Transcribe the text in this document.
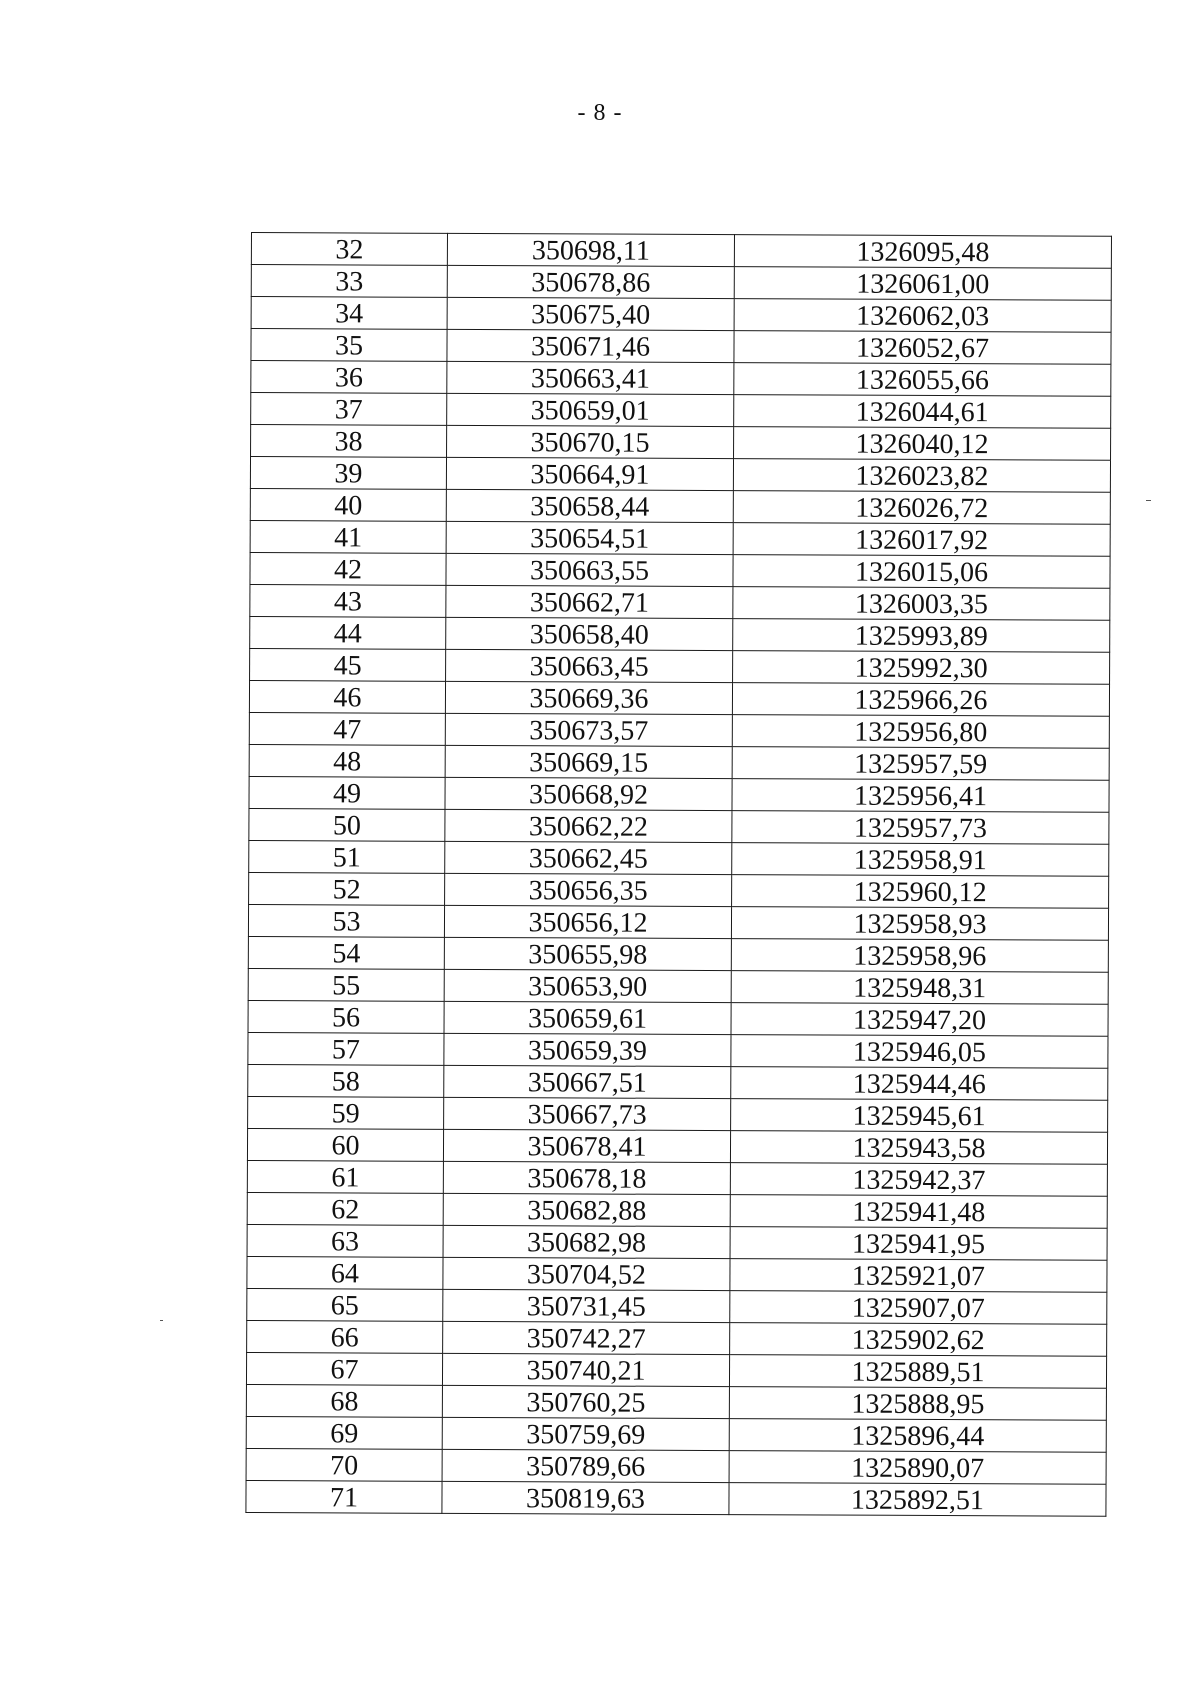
- 8 -
32	350698,11	1326095,48
33	350678,86	1326061,00
34	350675,40	1326062,03
35	350671,46	1326052,67
36	350663,41	1326055,66
37	350659,01	1326044,61
38	350670,15	1326040,12
39	350664,91	1326023,82
40	350658,44	1326026,72
41	350654,51	1326017,92
42	350663,55	1326015,06
43	350662,71	1326003,35
44	350658,40	1325993,89
45	350663,45	1325992,30
46	350669,36	1325966,26
47	350673,57	1325956,80
48	350669,15	1325957,59
49	350668,92	1325956,41
50	350662,22	1325957,73
51	350662,45	1325958,91
52	350656,35	1325960,12
53	350656,12	1325958,93
54	350655,98	1325958,96
55	350653,90	1325948,31
56	350659,61	1325947,20
57	350659,39	1325946,05
58	350667,51	1325944,46
59	350667,73	1325945,61
60	350678,41	1325943,58
61	350678,18	1325942,37
62	350682,88	1325941,48
63	350682,98	1325941,95
64	350704,52	1325921,07
65	350731,45	1325907,07
66	350742,27	1325902,62
67	350740,21	1325889,51
68	350760,25	1325888,95
69	350759,69	1325896,44
70	350789,66	1325890,07
71	350819,63	1325892,51
